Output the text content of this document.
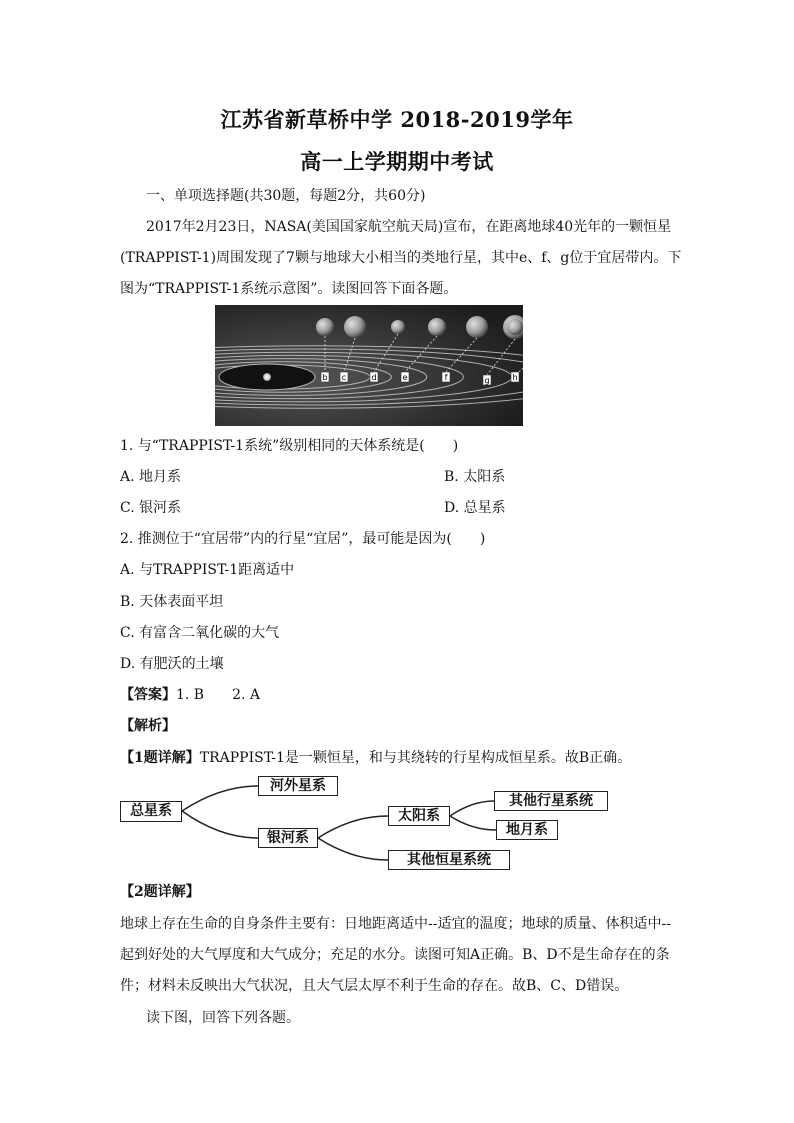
江苏省新草桥中学 2018-2019学年
高一上学期期中考试
一、单项选择题(共30题，每题2分，共60分)
2017年2月23日，NASA(美国国家航空航天局)宣布，在距离地球40光年的一颗恒星
(TRAPPIST-1)周围发现了7颗与地球大小相当的类地行星，其中e、f、g位于宜居带内。下
图为“TRAPPIST-1系统示意图”。读图回答下面各题。
b c	d	e	f	g	h
1. 与“TRAPPIST-1系统”级别相同的天体系统是(　　)
A. 地月系	B. 太阳系
C. 银河系	D. 总星系
2. 推测位于“宜居带”内的行星“宜居”，最可能是因为(　　)
A. 与TRAPPIST-1距离适中
B. 天体表面平坦
C. 有富含二氧化碳的大气
D. 有肥沃的土壤
【答案】1. B　　2. A
【解析】
【1题详解】TRAPPIST-1是一颗恒星，和与其绕转的行星构成恒星系。故B正确。
总星系
河外星系
银河系
太阳系
其他行星系统
地月系
其他恒星系统
【2题详解】
地球上存在生命的自身条件主要有：日地距离适中--适宜的温度；地球的质量、体积适中--
起到好处的大气厚度和大气成分；充足的水分。读图可知A正确。B、D不是生命存在的条
件；材料未反映出大气状况，且大气层太厚不利于生命的存在。故B、C、D错误。
读下图，回答下列各题。
